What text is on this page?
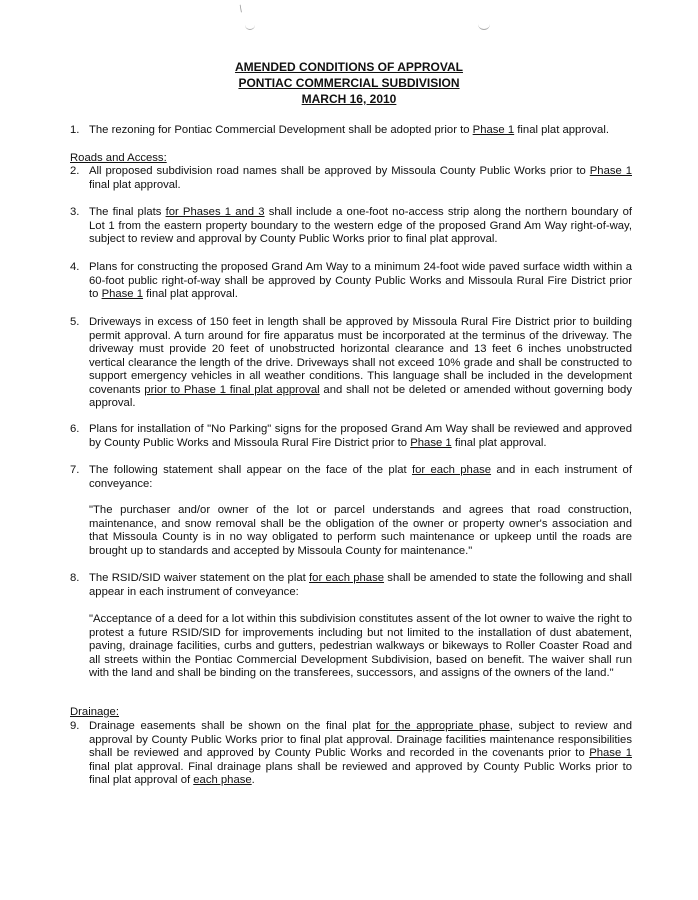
/
AMENDED CONDITIONS OF APPROVAL
PONTIAC COMMERCIAL SUBDIVISION
MARCH 16, 2010
1. The rezoning for Pontiac Commercial Development shall be adopted prior to Phase 1 final plat approval.
Roads and Access:
2. All proposed subdivision road names shall be approved by Missoula County Public Works prior to Phase 1 final plat approval.
3. The final plats for Phases 1 and 3 shall include a one-foot no-access strip along the northern boundary of Lot 1 from the eastern property boundary to the western edge of the proposed Grand Am Way right-of-way, subject to review and approval by County Public Works prior to final plat approval.
4. Plans for constructing the proposed Grand Am Way to a minimum 24-foot wide paved surface width within a 60-foot public right-of-way shall be approved by County Public Works and Missoula Rural Fire District prior to Phase 1 final plat approval.
5. Driveways in excess of 150 feet in length shall be approved by Missoula Rural Fire District prior to building permit approval. A turn around for fire apparatus must be incorporated at the terminus of the driveway. The driveway must provide 20 feet of unobstructed horizontal clearance and 13 feet 6 inches unobstructed vertical clearance the length of the drive. Driveways shall not exceed 10% grade and shall be constructed to support emergency vehicles in all weather conditions. This language shall be included in the development covenants prior to Phase 1 final plat approval and shall not be deleted or amended without governing body approval.
6. Plans for installation of "No Parking" signs for the proposed Grand Am Way shall be reviewed and approved by County Public Works and Missoula Rural Fire District prior to Phase 1 final plat approval.
7. The following statement shall appear on the face of the plat for each phase and in each instrument of conveyance:
"The purchaser and/or owner of the lot or parcel understands and agrees that road construction, maintenance, and snow removal shall be the obligation of the owner or property owner's association and that Missoula County is in no way obligated to perform such maintenance or upkeep until the roads are brought up to standards and accepted by Missoula County for maintenance."
8. The RSID/SID waiver statement on the plat for each phase shall be amended to state the following and shall appear in each instrument of conveyance:
"Acceptance of a deed for a lot within this subdivision constitutes assent of the lot owner to waive the right to protest a future RSID/SID for improvements including but not limited to the installation of dust abatement, paving, drainage facilities, curbs and gutters, pedestrian walkways or bikeways to Roller Coaster Road and all streets within the Pontiac Commercial Development Subdivision, based on benefit. The waiver shall run with the land and shall be binding on the transferees, successors, and assigns of the owners of the land."
Drainage:
9. Drainage easements shall be shown on the final plat for the appropriate phase, subject to review and approval by County Public Works prior to final plat approval. Drainage facilities maintenance responsibilities shall be reviewed and approved by County Public Works and recorded in the covenants prior to Phase 1 final plat approval. Final drainage plans shall be reviewed and approved by County Public Works prior to final plat approval of each phase.
